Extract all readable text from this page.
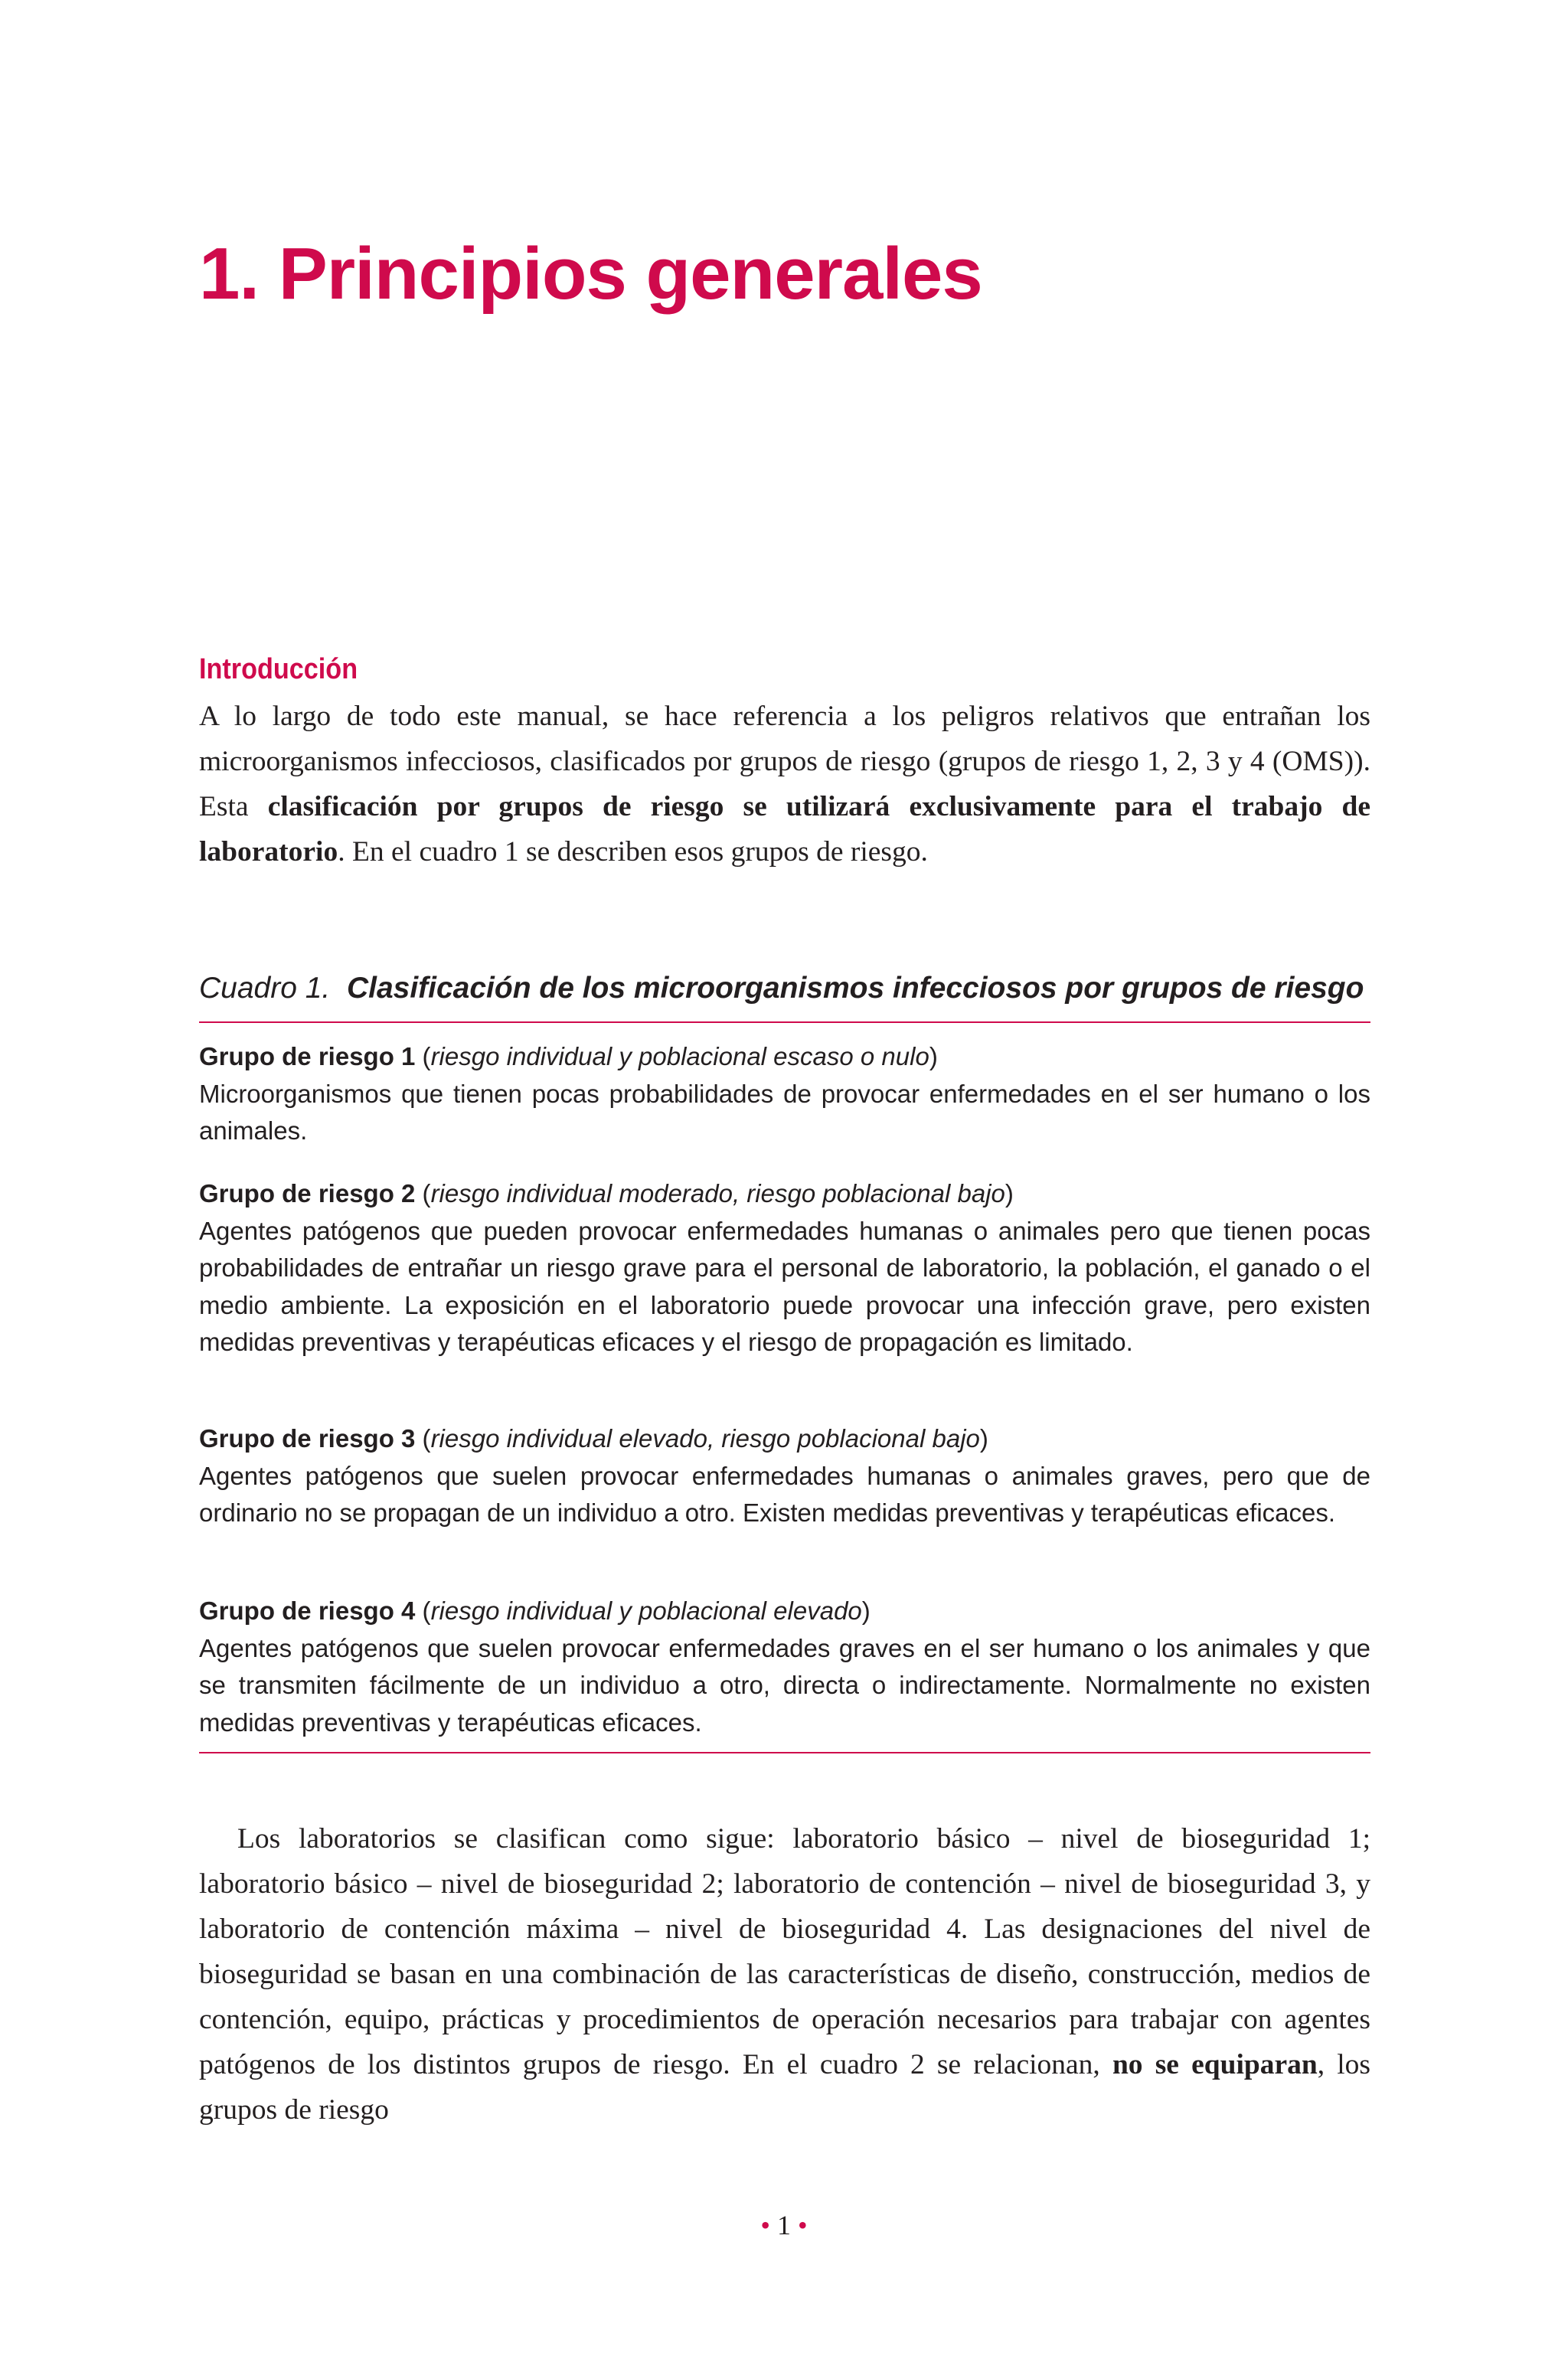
1. Principios generales
Introducción

A lo largo de todo este manual, se hace referencia a los peligros relativos que entrañan los microorganismos infecciosos, clasificados por grupos de riesgo (grupos de riesgo 1, 2, 3 y 4 (OMS)). Esta clasificación por grupos de riesgo se utilizará exclusivamente para el trabajo de laboratorio. En el cuadro 1 se describen esos grupos de riesgo.

Cuadro 1. Clasificación de los microorganismos infecciosos por grupos de riesgo
Grupo de riesgo 1 (riesgo individual y poblacional escaso o nulo)
Microorganismos que tienen pocas probabilidades de provocar enfermedades en el ser humano o los animales.
Grupo de riesgo 2 (riesgo individual moderado, riesgo poblacional bajo)
Agentes patógenos que pueden provocar enfermedades humanas o animales pero que tienen pocas probabilidades de entrañar un riesgo grave para el personal de laboratorio, la población, el ganado o el medio ambiente. La exposición en el laboratorio puede provocar una infección grave, pero existen medidas preventivas y terapéuticas eficaces y el riesgo de propagación es limitado.
Grupo de riesgo 3 (riesgo individual elevado, riesgo poblacional bajo)
Agentes patógenos que suelen provocar enfermedades humanas o animales graves, pero que de ordinario no se propagan de un individuo a otro. Existen medidas preventivas y terapéuticas eficaces.
Grupo de riesgo 4 (riesgo individual y poblacional elevado)
Agentes patógenos que suelen provocar enfermedades graves en el ser humano o los animales y que se transmiten fácilmente de un individuo a otro, directa o indirectamente. Normalmente no existen medidas preventivas y terapéuticas eficaces.

Los laboratorios se clasifican como sigue: laboratorio básico – nivel de bioseguridad 1; laboratorio básico – nivel de bioseguridad 2; laboratorio de contención – nivel de bioseguridad 3, y laboratorio de contención máxima – nivel de bioseguridad 4. Las designaciones del nivel de bioseguridad se basan en una combinación de las características de diseño, construcción, medios de contención, equipo, prácticas y procedimientos de operación necesarios para trabajar con agentes patógenos de los distintos grupos de riesgo. En el cuadro 2 se relacionan, no se equiparan, los grupos de riesgo

• 1 •
